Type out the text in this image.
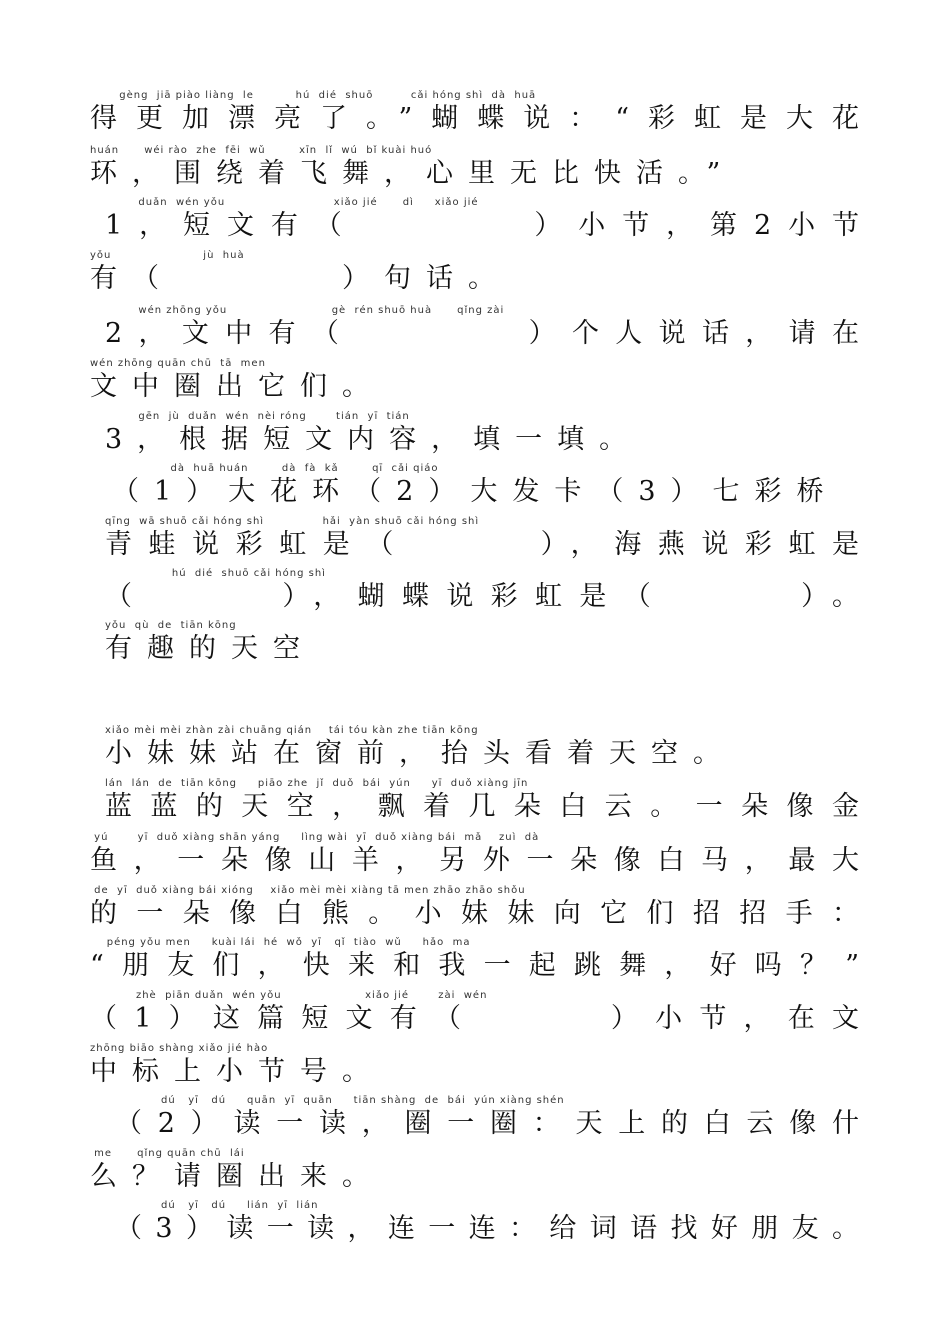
gèng  jiā piào liàng  le          hú  dié  shuō         cǎi hóng shì  dà  huā
得更加漂亮了。”蝴蝶说：“彩虹是大花
huán      wéi rào  zhe  fēi  wǔ        xīn  lǐ  wú  bǐ kuài huó
环，围绕着飞舞，心里无比快活。”
duǎn  wén yǒu                          xiǎo jié      dì     xiǎo jié
1，短文有（　　　　）小节，第2小节
yǒu                      jù  huà
有（　　　　）句话。
wén zhōng yǒu                         gè  rén shuō huà      qǐng zài
2，文中有（　　　　）个人说话，请在
wén zhōng quān chū  tā  men
文中圈出它们。
gēn  jù  duǎn  wén  nèi róng       tián  yī  tián
3，根据短文内容，填一填。
dà  huā huán        dà  fà  kǎ        qī  cǎi qiáo
（1）大花环（2）大发卡（3）七彩桥
qīng  wā shuō cǎi hóng shì              hǎi  yàn shuō cǎi hóng shì
青蛙说彩虹是（　　　），海燕说彩虹是
hú  dié  shuō cǎi hóng shì
（　　　），蝴蝶说彩虹是（　　　）。
yǒu  qù  de  tiān kōng
有趣的天空
xiǎo mèi mèi zhàn zài chuāng qián    tái tóu kàn zhe tiān kōng
小妹妹站在窗前，抬头看着天空。
lán  lán  de  tiān kōng     piāo zhe  jǐ  duǒ  bái  yún     yī  duǒ xiàng jīn
蓝蓝的天空，飘着几朵白云。一朵像金
yú       yī  duǒ xiàng shān yáng     lìng wài  yī  duǒ xiàng bái  mǎ    zuì  dà
鱼，一朵像山羊，另外一朵像白马，最大
de  yī  duǒ xiàng bái xióng    xiǎo mèi mèi xiàng tā men zhāo zhāo shǒu
的一朵像白熊。小妹妹向它们招招手：
péng yǒu men     kuài lái  hé  wǒ  yī   qǐ  tiào  wǔ     hǎo  ma
“朋友们，快来和我一起跳舞，好吗？”
zhè  piān duǎn  wén yǒu                    xiǎo jié       zài  wén
（1）这篇短文有（　　　）小节，在文
zhōng biāo shàng xiǎo jié hào
中标上小节号。
dú   yī   dú     quān  yī  quān     tiān shàng  de  bái  yún xiàng shén
（2）读一读，圈一圈：天上的白云像什
me      qǐng quān chū  lái
么？请圈出来。
dú   yī   dú     lián  yī  lián
（3）读一读，连一连：给词语找好朋友。
